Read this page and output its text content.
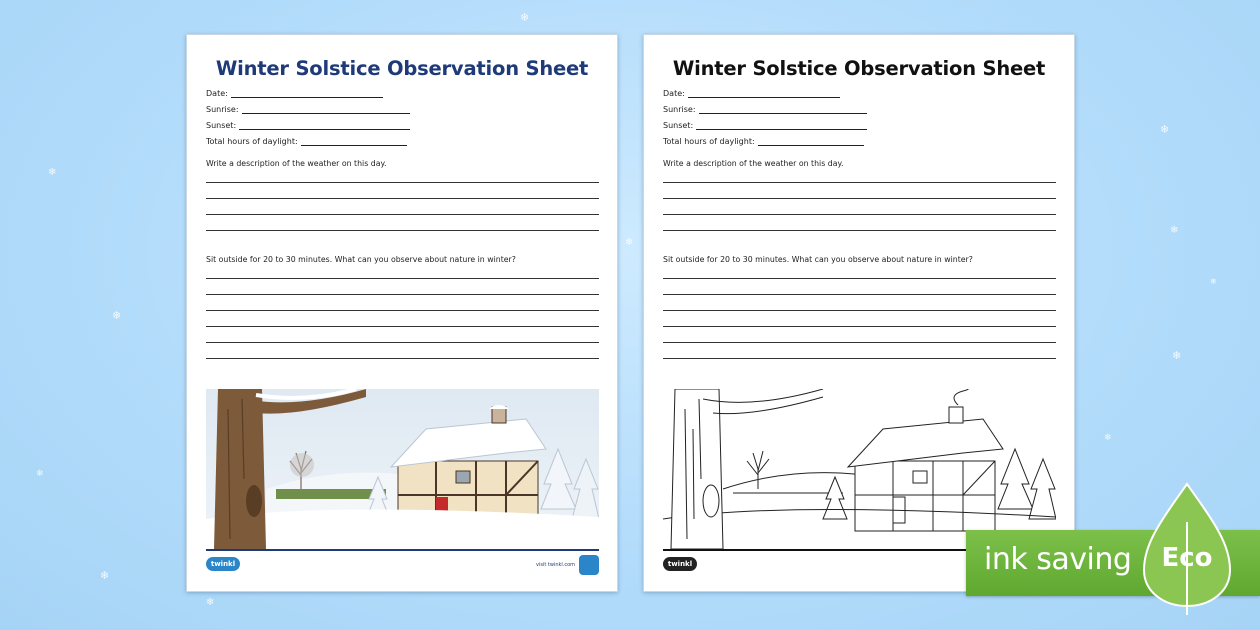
❄
❄
❄
❄
❄
❄
❄
❄
❄
❄
❄
❄
Winter Solstice Observation Sheet
Date:
Sunrise:
Sunset:
Total hours of daylight:
Write a description of the weather on this day.
Sit outside for 20 to 30 minutes. What can you observe about nature in winter?
twinkl	visit twinkl.com
Winter Solstice Observation Sheet
Date:
Sunrise:
Sunset:
Total hours of daylight:
Write a description of the weather on this day.
Sit outside for 20 to 30 minutes. What can you observe about nature in winter?
twinkl	ink saving Eco
